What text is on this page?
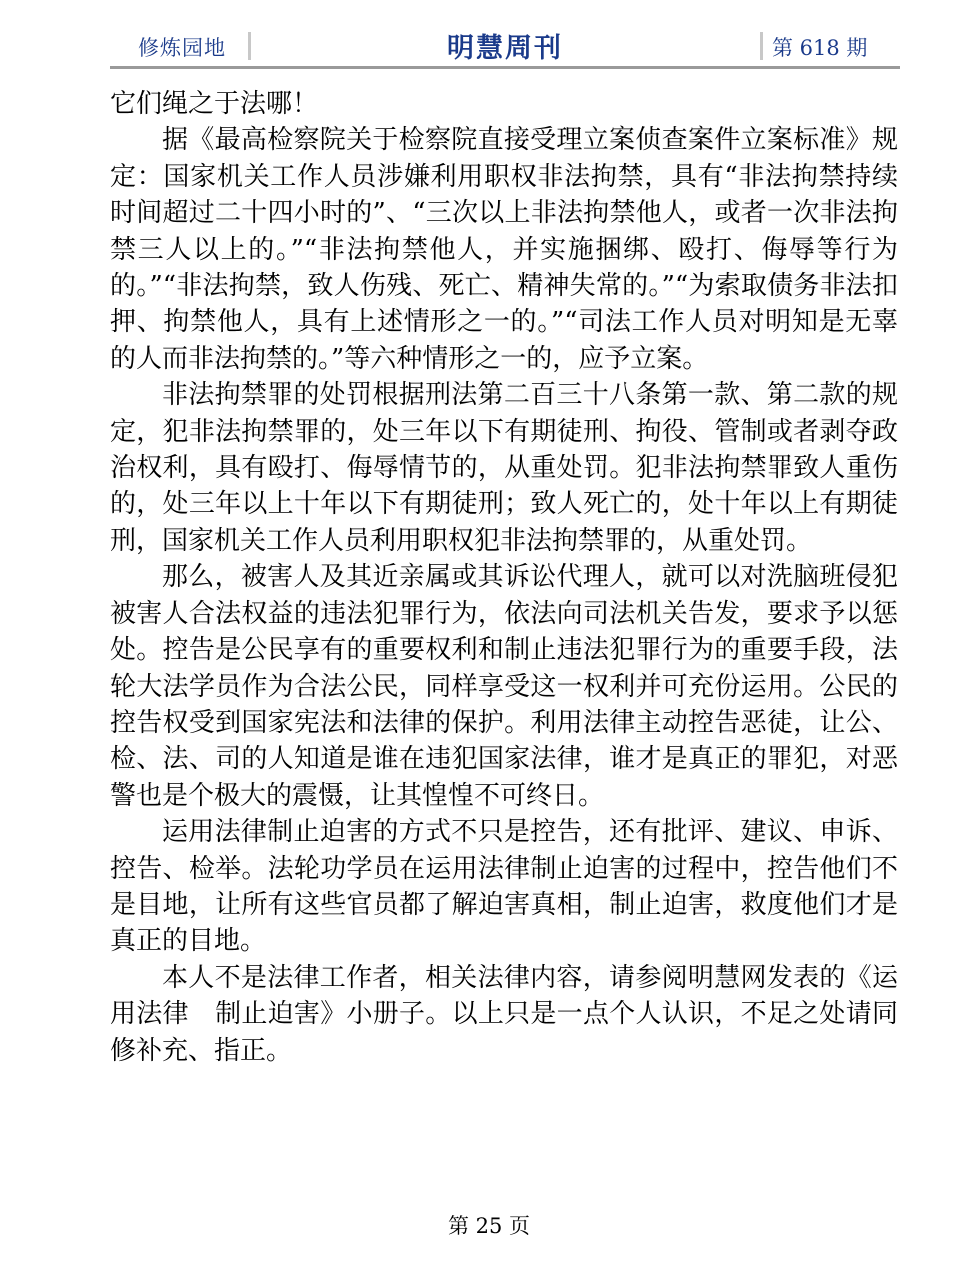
修炼园地	明慧周刊	第 618 期

它们绳之于法哪！

据《最高检察院关于检察院直接受理立案侦查案件立案标准》规定：国家机关工作人员涉嫌利用职权非法拘禁，具有“非法拘禁持续时间超过二十四小时的”、“三次以上非法拘禁他人，或者一次非法拘禁三人以上的。”“非法拘禁他人，并实施捆绑、殴打、侮辱等行为的。”“非法拘禁，致人伤残、死亡、精神失常的。”“为索取债务非法扣押、拘禁他人，具有上述情形之一的。”“司法工作人员对明知是无辜的人而非法拘禁的。”等六种情形之一的，应予立案。

非法拘禁罪的处罚根据刑法第二百三十八条第一款、第二款的规定，犯非法拘禁罪的，处三年以下有期徒刑、拘役、管制或者剥夺政治权利，具有殴打、侮辱情节的，从重处罚。犯非法拘禁罪致人重伤的，处三年以上十年以下有期徒刑；致人死亡的，处十年以上有期徒刑，国家机关工作人员利用职权犯非法拘禁罪的，从重处罚。

那么，被害人及其近亲属或其诉讼代理人，就可以对洗脑班侵犯被害人合法权益的违法犯罪行为，依法向司法机关告发，要求予以惩处。控告是公民享有的重要权利和制止违法犯罪行为的重要手段，法轮大法学员作为合法公民，同样享受这一权利并可充份运用。公民的控告权受到国家宪法和法律的保护。利用法律主动控告恶徒，让公、检、法、司的人知道是谁在违犯国家法律，谁才是真正的罪犯，对恶警也是个极大的震慑，让其惶惶不可终日。

运用法律制止迫害的方式不只是控告，还有批评、建议、申诉、控告、检举。法轮功学员在运用法律制止迫害的过程中，控告他们不是目地，让所有这些官员都了解迫害真相，制止迫害，救度他们才是真正的目地。

本人不是法律工作者，相关法律内容，请参阅明慧网发表的《运用法律　制止迫害》小册子。以上只是一点个人认识，不足之处请同修补充、指正。

第 25 页
